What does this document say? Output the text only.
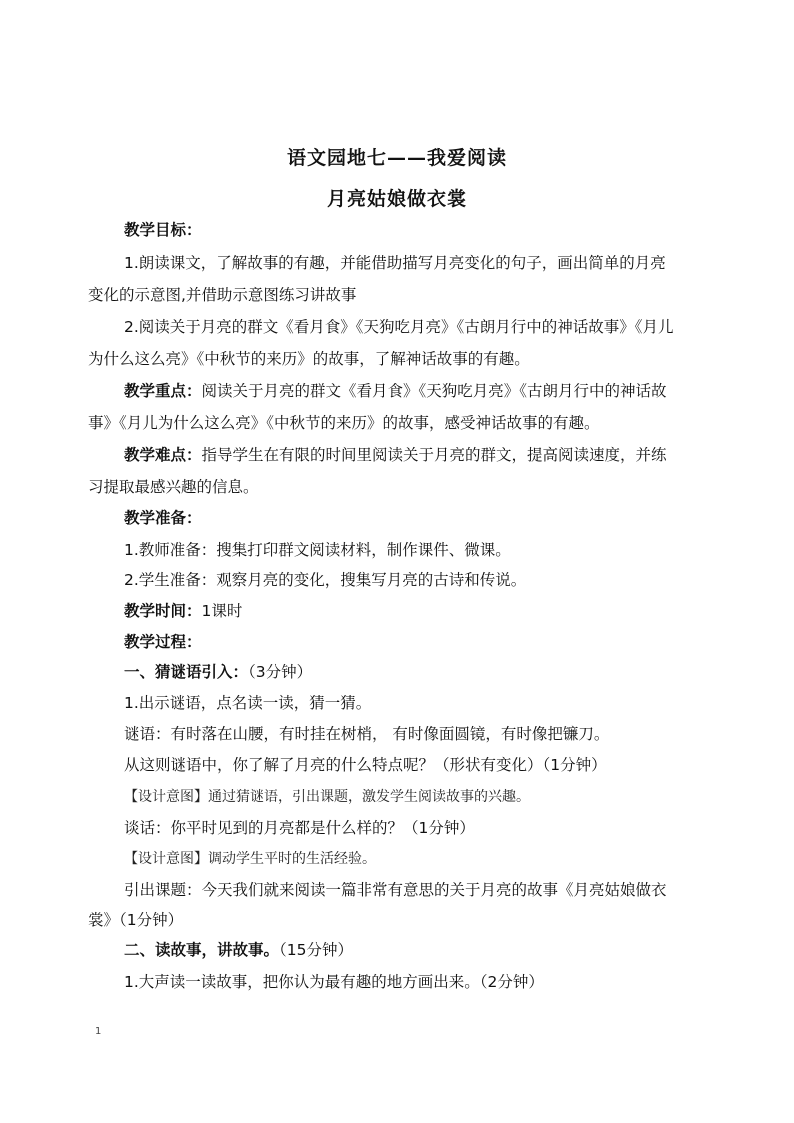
语文园地七——我爱阅读
月亮姑娘做衣裳
教学目标：
1.朗读课文，了解故事的有趣，并能借助描写月亮变化的句子，画出简单的月亮
变化的示意图,并借助示意图练习讲故事
2.阅读关于月亮的群文《看月食》《天狗吃月亮》《古朗月行中的神话故事》《月儿
为什么这么亮》《中秋节的来历》的故事，了解神话故事的有趣。
教学重点：阅读关于月亮的群文《看月食》《天狗吃月亮》《古朗月行中的神话故
事》《月儿为什么这么亮》《中秋节的来历》的故事，感受神话故事的有趣。
教学难点：指导学生在有限的时间里阅读关于月亮的群文，提高阅读速度，并练
习提取最感兴趣的信息。
教学准备：
1.教师准备：搜集打印群文阅读材料，制作课件、微课。
2.学生准备：观察月亮的变化，搜集写月亮的古诗和传说。
教学时间：1课时
教学过程：
一、猜谜语引入：（3分钟）
1.出示谜语，点名读一读，猜一猜。
谜语：有时落在山腰，有时挂在树梢， 有时像面圆镜，有时像把镰刀。
从这则谜语中，你了解了月亮的什么特点呢？（形状有变化）（1分钟）
【设计意图】通过猜谜语，引出课题，激发学生阅读故事的兴趣。
谈话：你平时见到的月亮都是什么样的？（1分钟）
【设计意图】调动学生平时的生活经验。
引出课题：今天我们就来阅读一篇非常有意思的关于月亮的故事《月亮姑娘做衣
裳》（1分钟）
二、读故事，讲故事。（15分钟）
1.大声读一读故事，把你认为最有趣的地方画出来。（2分钟）
1
